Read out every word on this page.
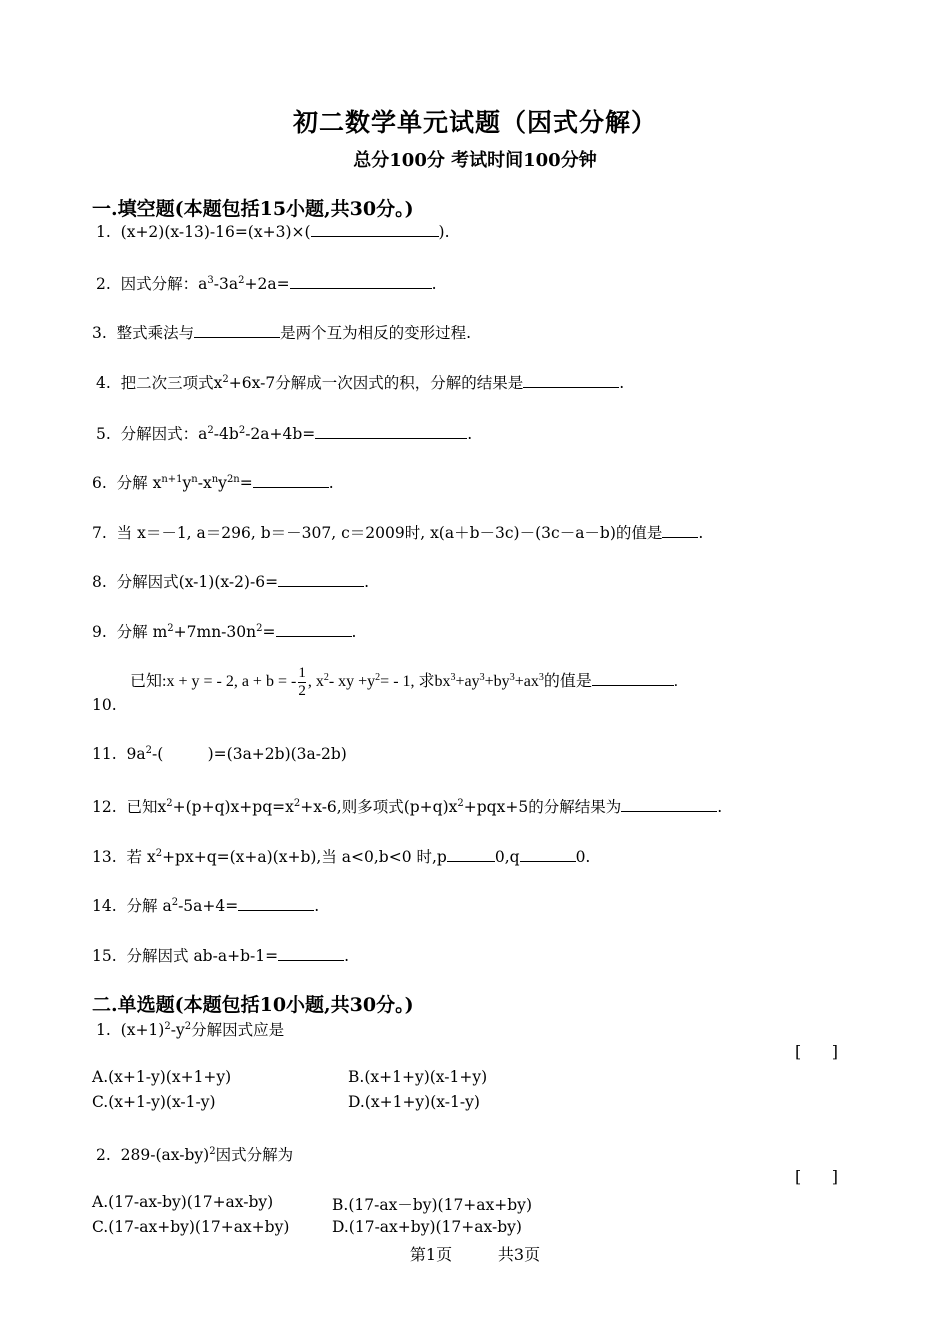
初二数学单元试题（因式分解）
总分100分 考试时间100分钟
一.填空题(本题包括15小题,共30分。)
1. (x+2)(x-13)-16=(x+3)×(	).
2. 因式分解：$a^3-3a^2+2a=$	.
3. 整式乘法与	是两个互为相反的变形过程.
4. 把二次三项式$x^2+6x-7$分解成一次因式的积，分解的结果是	.
5. 分解因式：$a^2-4b^2-2a+4b=$	.
6. 分解 $x^{n+1}y^n-x^ny^{2n}=$	.
7. 当 x＝－1, a＝296, b＝－307, c＝2009时, x(a＋b－3c)－(3c－a－b)的值是 .
8. 分解因式(x-1)(x-2)-6=	.
9. 分解 $m^2+7mn-30n^2=$	.
10.
已知:x + y = - 2, a + b = - $\frac{1}{2}$ , $x^2-$ xy $+y^2= - 1$, 求$bx^3+ay^3+by^3+ax^3$的值是	.
11. $9a^2-$(         )=(3a+2b)(3a-2b)
12. 已知$x^2+(p+q)x+pq=x^2+x-6$,则多项式$(p+q)x^2+pqx+5$的分解结果为	.
13. 若 $x^2+px+q=(x+a)(x+b)$,当 a<0,b<0 时,p	0,q	0.
14. 分解 $a^2-5a+4=$	.
15. 分解因式 ab-a+b-1=	.
二.单选题(本题包括10小题,共30分。)
1. $(x+1)^2-y^2$分解因式应是
[      ]
A.(x+1-y)(x+1+y)	B.(x+1+y)(x-1+y)
C.(x+1-y)(x-1-y)	D.(x+1+y)(x-1-y)
2. $289-(ax-by)^2$因式分解为
[      ]
A.(17-ax-by)(17+ax-by)	B.(17-ax－by)(17+ax+by)
C.(17-ax+by)(17+ax+by)	D.(17-ax+by)(17+ax-by)
第1页	共3页
